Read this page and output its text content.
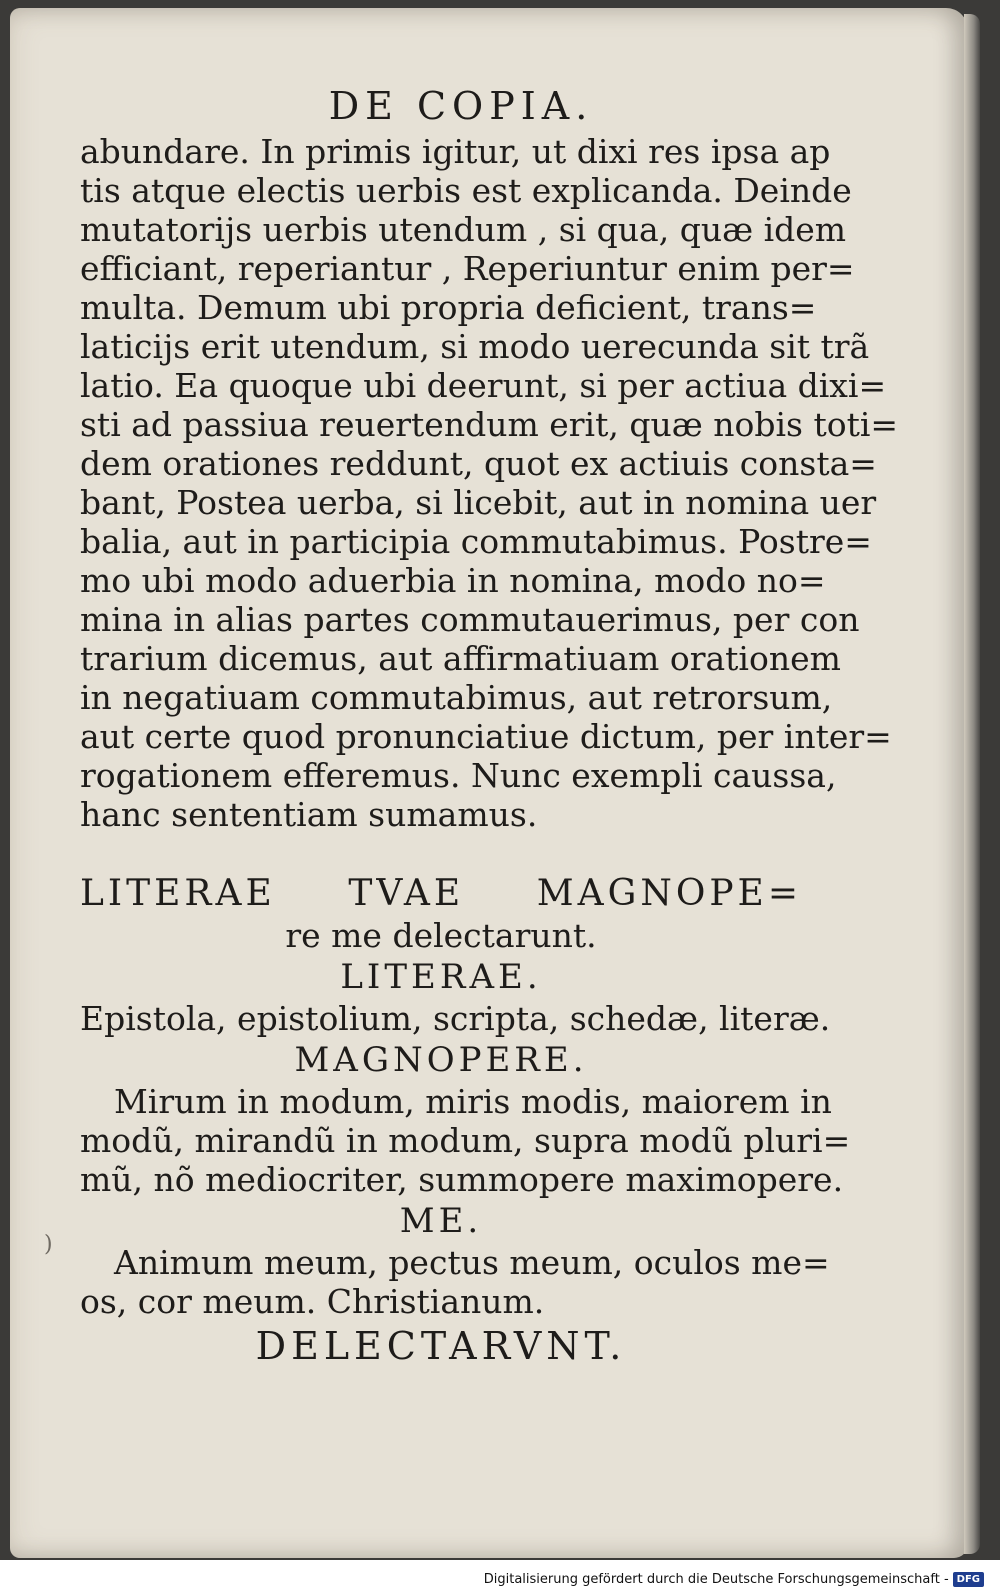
)
DE COPIA.
abundare. In primis igitur, ut dixi res ipsa ap
tis atque electis uerbis est explicanda. Deinde
mutatorijs uerbis utendum , si qua, quæ idem
efficiant, reperiantur , Reperiuntur enim per=
multa. Demum ubi propria deficient, trans=
laticijs erit utendum, si modo uerecunda sit trã
latio. Ea quoque ubi deerunt, si per actiua dixi=
sti ad passiua reuertendum erit, quæ nobis toti=
dem orationes reddunt, quot ex actiuis consta=
bant, Postea uerba, si licebit, aut in nomina uer
balia, aut in participia commutabimus. Postre=
mo ubi modo aduerbia in nomina, modo no=
mina in alias partes commutauerimus, per con
trarium dicemus, aut affirmatiuam orationem
in negatiuam commutabimus, aut retrorsum,
aut certe quod pronunciatiue dictum, per inter=
rogationem efferemus. Nunc exempli caussa,
hanc sententiam sumamus.
LITERAE TVAE MAGNOPE=
re me delectarunt.
LITERAE.
Epistola, epistolium, scripta, schedæ, literæ.
MAGNOPERE.
Mirum in modum, miris modis, maiorem in
modũ, mirandũ in modum, supra modũ pluri=
mũ, nõ mediocriter, summopere maximopere.
ME.
Animum meum, pectus meum, oculos me=
os, cor meum. Christianum.
DELECTARVNT.
Digitalisierung gefördert durch die Deutsche Forschungsgemeinschaft - DFG
